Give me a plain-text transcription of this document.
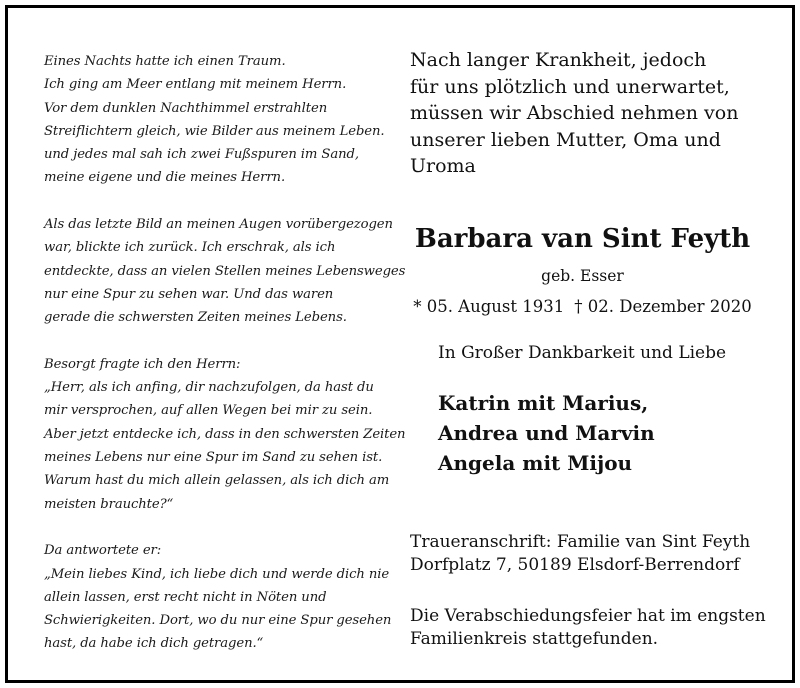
Eines Nachts hatte ich einen Traum.
Ich ging am Meer entlang mit meinem Herrn.
Vor dem dunklen Nachthimmel erstrahlten
Streiflichtern gleich, wie Bilder aus meinem Leben.
und jedes mal sah ich zwei Fußspuren im Sand,
meine eigene und die meines Herrn.
Als das letzte Bild an meinen Augen vorübergezogen
war, blickte ich zurück. Ich erschrak, als ich
entdeckte, dass an vielen Stellen meines Lebensweges
nur eine Spur zu sehen war. Und das waren
gerade die schwersten Zeiten meines Lebens.
Besorgt fragte ich den Herrn:
„Herr, als ich anfing, dir nachzufolgen, da hast du
mir versprochen, auf allen Wegen bei mir zu sein.
Aber jetzt entdecke ich, dass in den schwersten Zeiten
meines Lebens nur eine Spur im Sand zu sehen ist.
Warum hast du mich allein gelassen, als ich dich am
meisten brauchte?“
Da antwortete er:
„Mein liebes Kind, ich liebe dich und werde dich nie
allein lassen, erst recht nicht in Nöten und
Schwierigkeiten. Dort, wo du nur eine Spur gesehen
hast, da habe ich dich getragen.“
Nach langer Krankheit, jedoch
für uns plötzlich und unerwartet,
müssen wir Abschied nehmen von
unserer lieben Mutter, Oma und
Uroma
Barbara van Sint Feyth
geb. Esser
* 05. August 1931 † 02. Dezember 2020
In Großer Dankbarkeit und Liebe
Katrin mit Marius,
Andrea und Marvin
Angela mit Mijou
Traueranschrift: Familie van Sint Feyth
Dorfplatz 7, 50189 Elsdorf-Berrendorf
Die Verabschiedungsfeier hat im engsten
Familienkreis stattgefunden.
